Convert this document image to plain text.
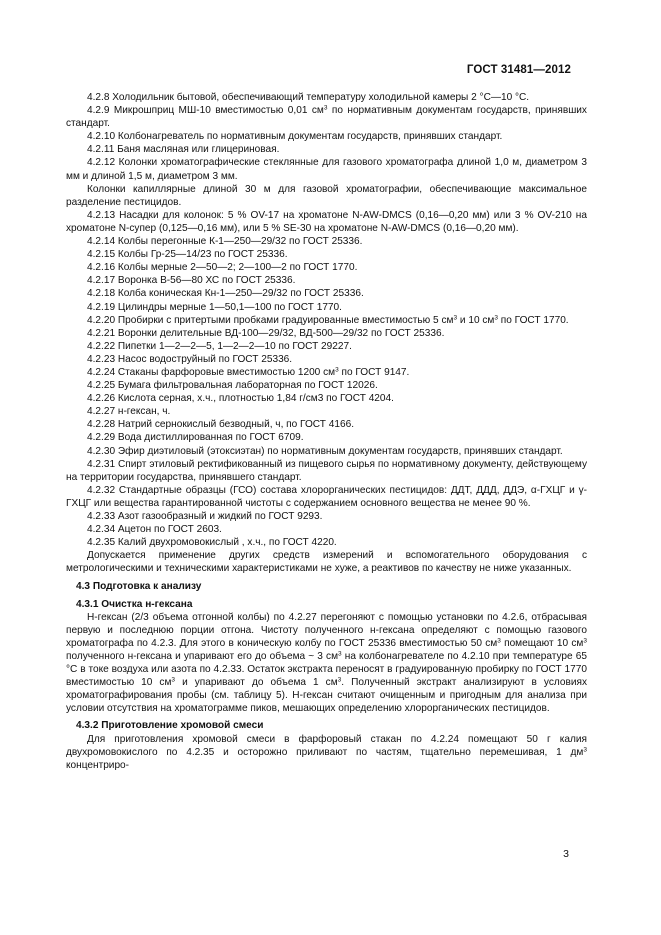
ГОСТ 31481—2012

4.2.8 Холодильник бытовой, обеспечивающий температуру холодильной камеры 2 °С—10 °С.

4.2.9 Микрошприц МШ-10 вместимостью 0,01 $см^3$ по нормативным документам государств, принявших стандарт.

4.2.10 Колбонагреватель по нормативным документам государств, принявших стандарт.

4.2.11 Баня масляная или глицериновая.

4.2.12 Колонки хроматографические стеклянные для газового хроматографа длиной 1,0 м, диаметром 3 мм и длиной 1,5 м, диаметром 3 мм.

Колонки капиллярные длиной 30 м для газовой хроматографии, обеспечивающие максимальное разделение пестицидов.

4.2.13 Насадки для колонок: 5 % OV-17 на хроматоне N-AW-DMCS (0,16—0,20 мм) или 3 % OV-210 на хроматоне N-супер (0,125—0,16 мм), или 5 % SE-30 на хроматоне N-AW-DMCS (0,16—0,20 мм).

4.2.14 Колбы перегонные К-1—250—29/32 по ГОСТ 25336.

4.2.15 Колбы Гр-25—14/23 по ГОСТ 25336.

4.2.16 Колбы мерные 2—50—2; 2—100—2 по ГОСТ 1770.

4.2.17 Воронка В-56—80 ХС по ГОСТ 25336.

4.2.18 Колба коническая Кн-1—250—29/32 по ГОСТ 25336.

4.2.19 Цилиндры мерные 1—50,1—100 по ГОСТ 1770.

4.2.20 Пробирки с притертыми пробками градуированные вместимостью 5 $см^3$ и 10 $см^3$ по ГОСТ 1770.

4.2.21 Воронки делительные ВД-100—29/32, ВД-500—29/32 по ГОСТ 25336.

4.2.22 Пипетки 1—2—2—5, 1—2—2—10 по ГОСТ 29227.

4.2.23 Насос водоструйный по ГОСТ 25336.

4.2.24 Стаканы фарфоровые вместимостью 1200 $см^3$ по ГОСТ 9147.

4.2.25 Бумага фильтровальная лабораторная по ГОСТ 12026.

4.2.26 Кислота серная, х.ч., плотностью 1,84 г/см3 по ГОСТ 4204.

4.2.27 н-гексан, ч.

4.2.28 Натрий сернокислый безводный, ч, по ГОСТ 4166.

4.2.29 Вода дистиллированная по ГОСТ 6709.

4.2.30 Эфир диэтиловый (этоксиэтан) по нормативным документам государств, принявших стандарт.

4.2.31 Спирт этиловый ректификованный из пищевого сырья по нормативному документу, действующему на территории государства, принявшего стандарт.

4.2.32 Стандартные образцы (ГСО) состава хлорорганических пестицидов: ДДТ, ДДД, ДДЭ, α-ГХЦГ и γ-ГХЦГ или вещества гарантированной чистоты с содержанием основного вещества не менее 90 %.

4.2.33 Азот газообразный и жидкий по ГОСТ 9293.

4.2.34 Ацетон по ГОСТ 2603.

4.2.35 Калий двухромовокислый , х.ч., по ГОСТ 4220.

Допускается применение других средств измерений и вспомогательного оборудования с метрологическими и техническими характеристиками не хуже, а реактивов по качеству не ниже указанных.

4.3 Подготовка к анализу

4.3.1 Очистка н-гексана

Н-гексан (2/3 объема отгонной колбы) по 4.2.27 перегоняют с помощью установки по 4.2.6, отбрасывая первую и последнюю порции отгона. Чистоту полученного н-гексана определяют с помощью газового хроматографа по 4.2.3. Для этого в коническую колбу по ГОСТ 25336 вместимостью 50 $см^3$ помещают 10 $см^3$ полученного н-гексана и упаривают его до объема ~ 3 $см^3$ на колбонагревателе по 4.2.10 при температуре 65 °С в токе воздуха или азота по 4.2.33. Остаток экстракта переносят в градуированную пробирку по ГОСТ 1770 вместимостью 10 $см^3$ и упаривают до объема 1 $см^3$. Полученный экстракт анализируют в условиях хроматографирования пробы (см. таблицу 5). Н-гексан считают очищенным и пригодным для анализа при условии отсутствия на хроматограмме пиков, мешающих определению хлорорганических пестицидов.

4.3.2 Приготовление хромовой смеси

Для приготовления хромовой смеси в фарфоровый стакан по 4.2.24 помещают 50 г калия двухромовокислого по 4.2.35 и осторожно приливают по частям, тщательно перемешивая, 1 $дм^3$ концентриро-

3
